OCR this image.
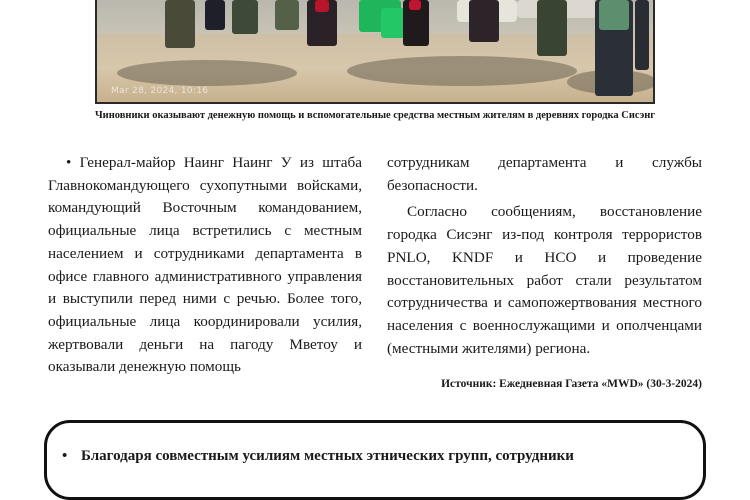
Mar 28, 2024, 10:16
Чиновники оказывают денежную помощь и вспомогательные средства местным жителям в деревнях городка Сисэнг

• Генерал-майор Наинг Наинг У из штаба Главнокомандующего сухопутными войсками, командующий Восточным командованием, официальные лица встретились с местным населением и сотрудниками департамента в офисе главного административного управления и выступили перед ними с речью. Более того, официальные лица координировали усилия, жертвовали деньги на пагоду Мветоу и оказывали денежную помощь

сотрудникам департамента и службы безопасности.

Согласно сообщениям, восстановление городка Сисэнг из-под контроля террористов PNLO, KNDF и НСО и проведение восстановительных работ стали результатом сотрудничества и самопожертвования местного населения с военнослужащими и ополченцами (местными жителями) региона.

Источник: Ежедневная Газета «MWD» (30-3-2024)
• Благодаря совместным усилиям местных этнических групп, сотрудники
